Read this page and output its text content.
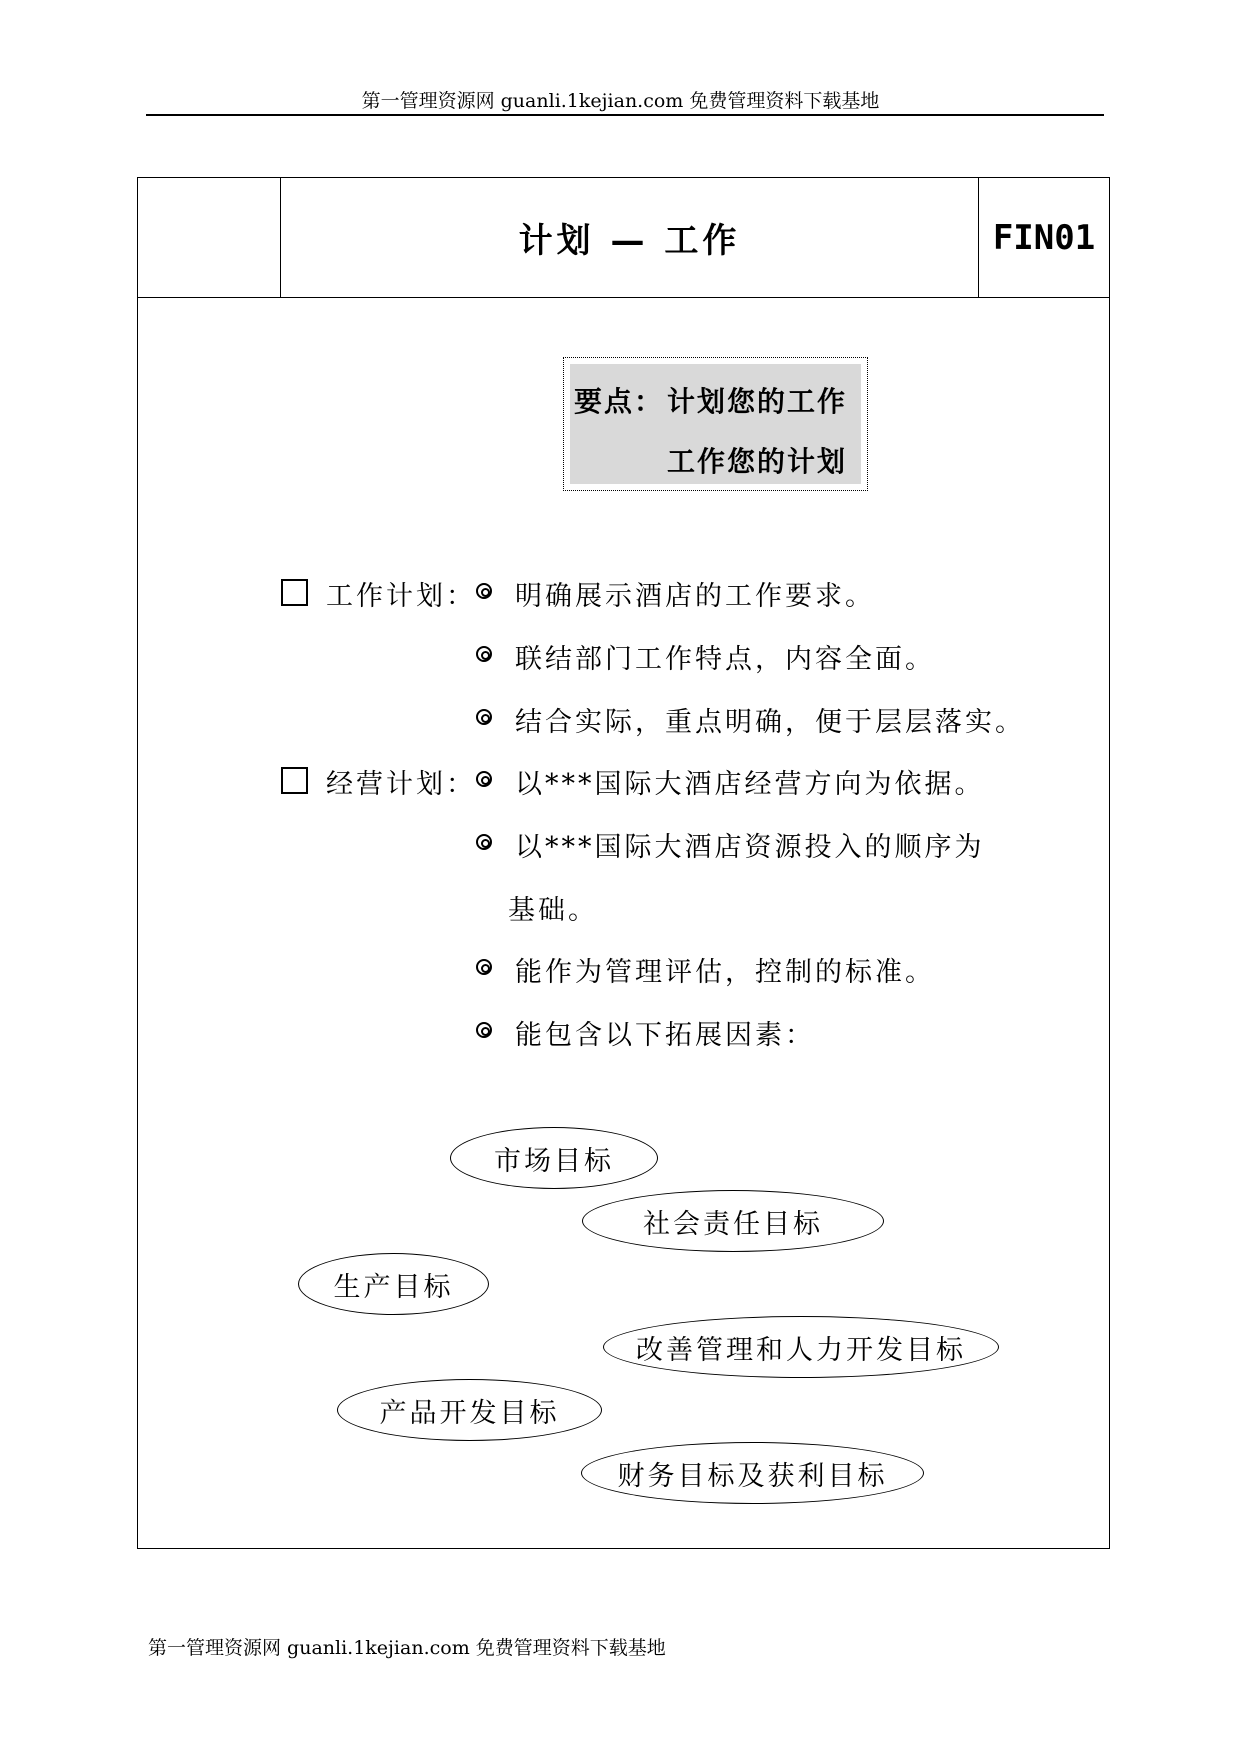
第一管理资源网 guanli.1kejian.com 免费管理资料下载基地
计划 — 工作	FIN01
要点： 计划您的工作
工作您的计划
工作计划： 明确展示酒店的工作要求。
联结部门工作特点，内容全面。
结合实际，重点明确，便于层层落实。
经营计划： 以***国际大酒店经营方向为依据。
以***国际大酒店资源投入的顺序为
基础。
能作为管理评估，控制的标准。
能包含以下拓展因素：
市场目标
社会责任目标
生产目标
改善管理和人力开发目标
产品开发目标
财务目标及获利目标
第一管理资源网 guanli.1kejian.com 免费管理资料下载基地
